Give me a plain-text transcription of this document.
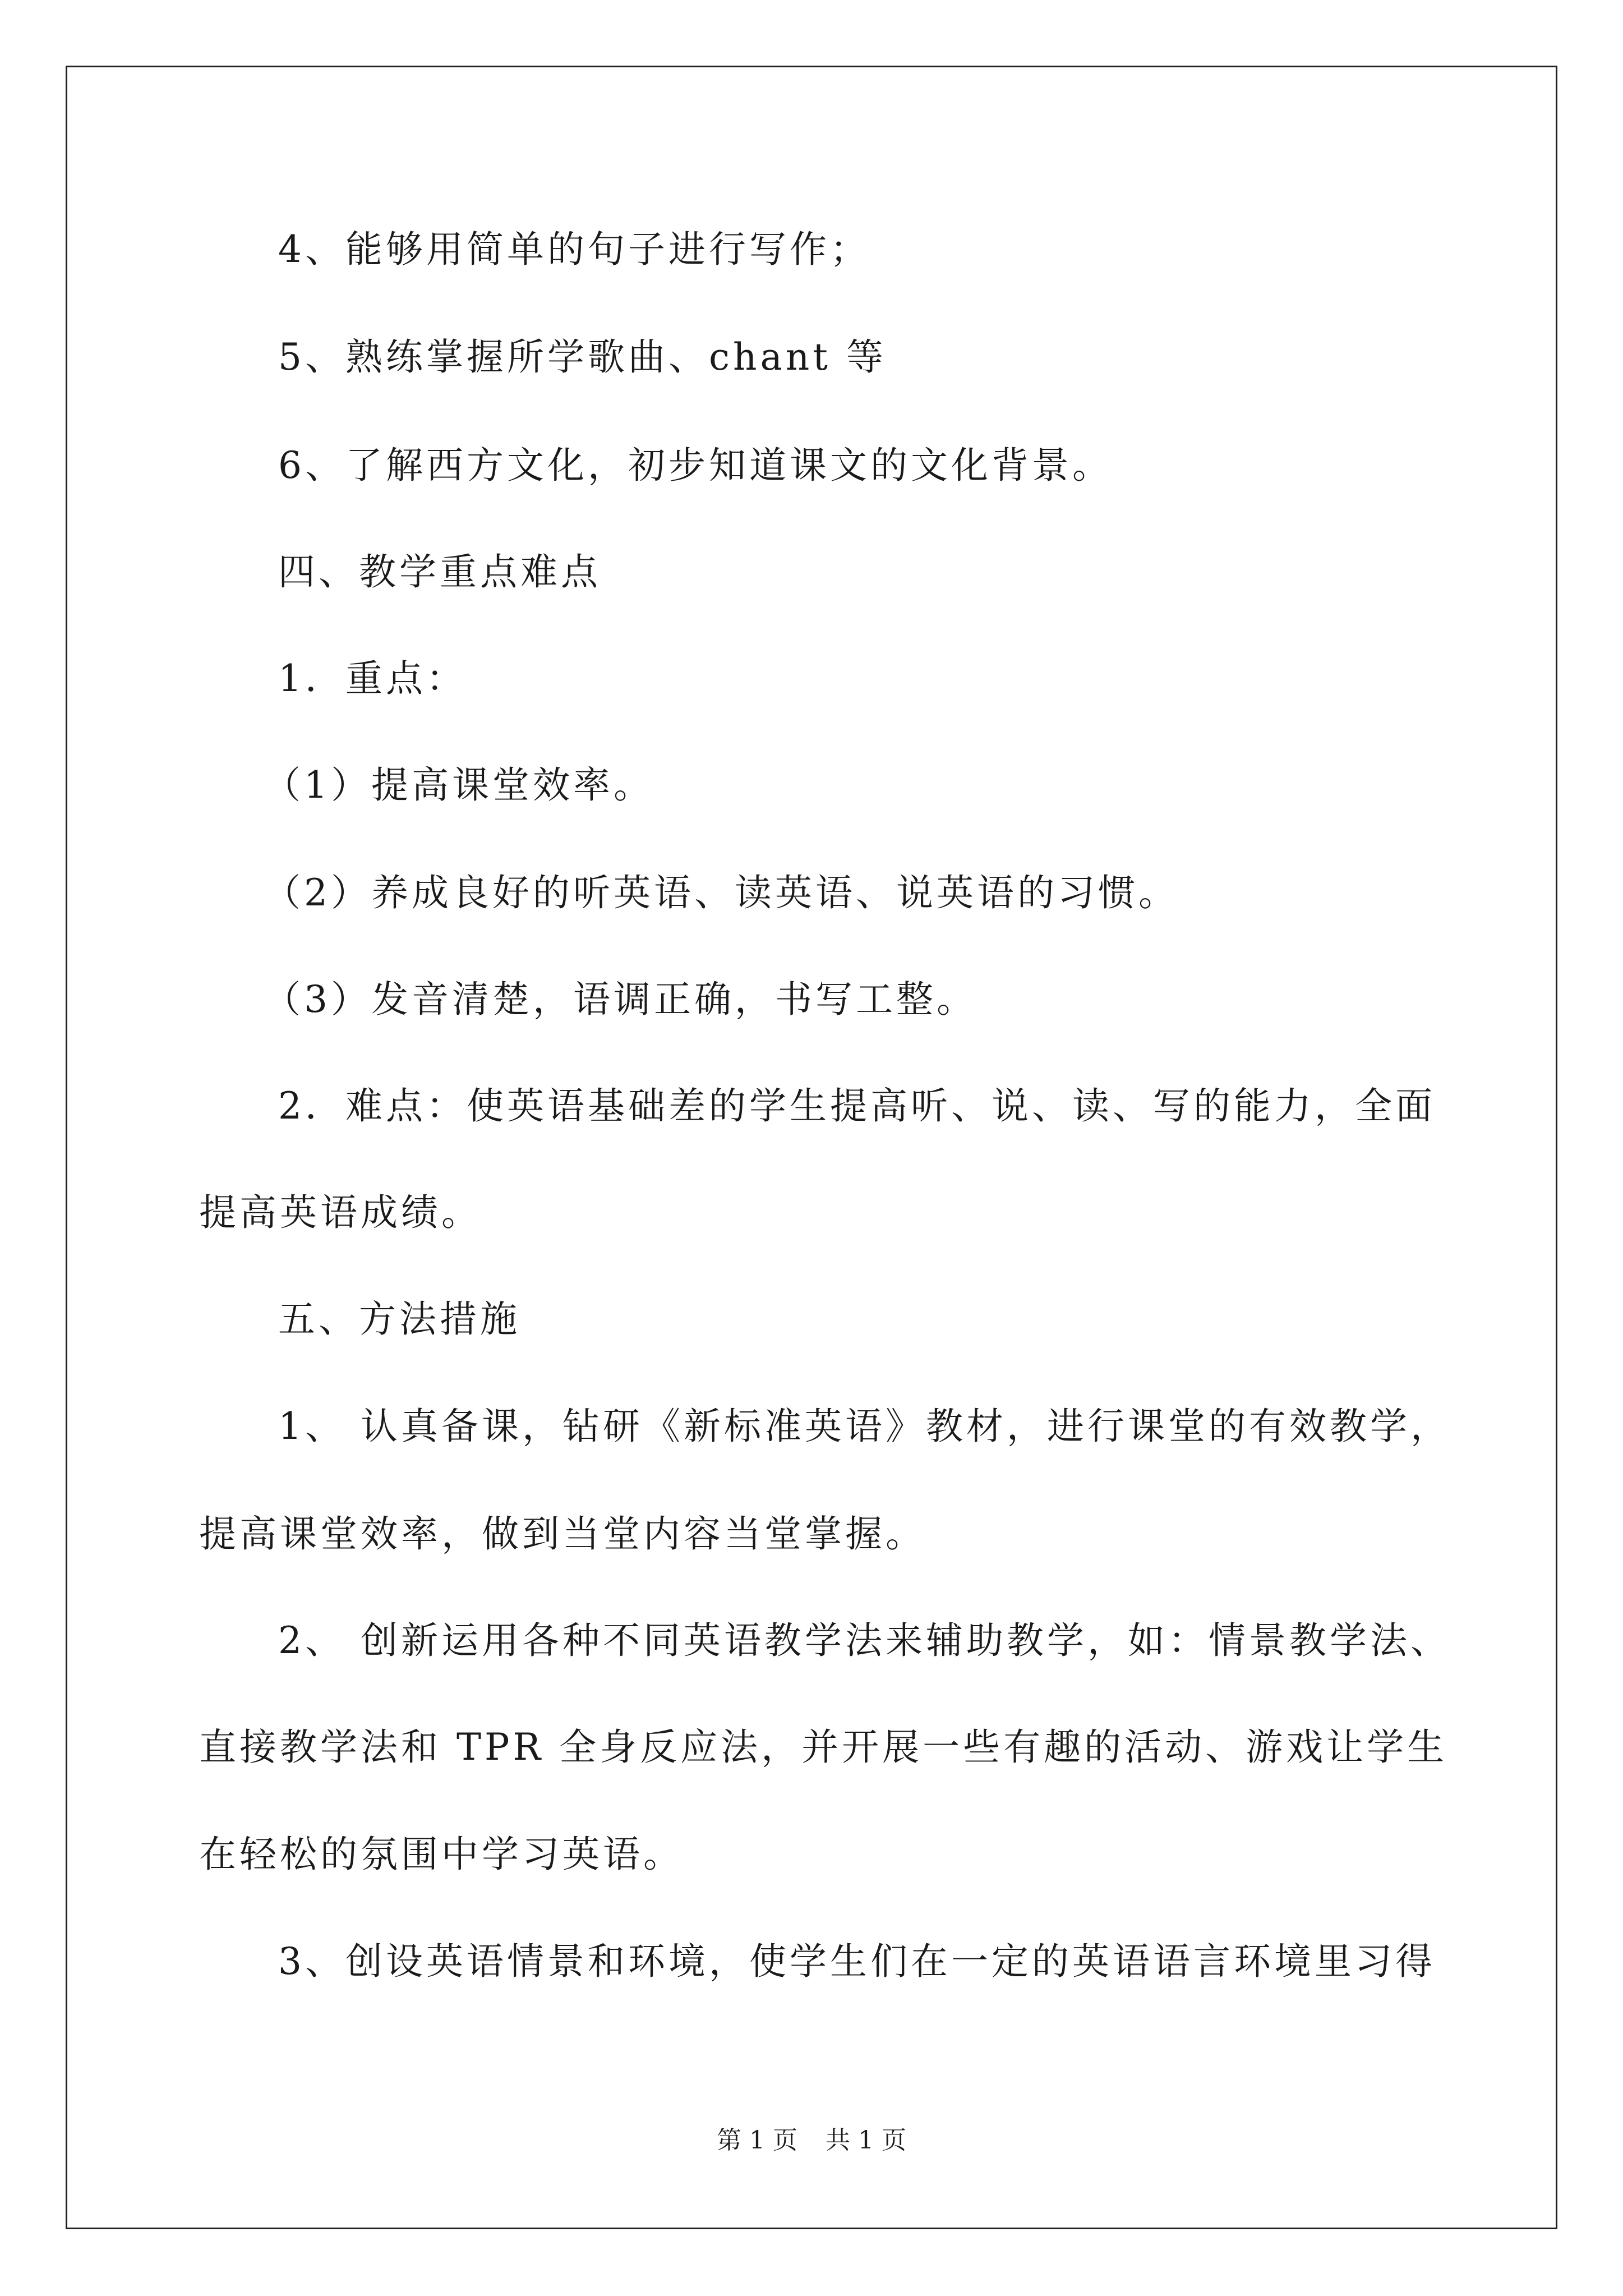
4、能够用简单的句子进行写作；
5、熟练掌握所学歌曲、chant 等
6、了解西方文化，初步知道课文的文化背景。
四、教学重点难点
1．重点：
（1）提高课堂效率。
（2）养成良好的听英语、读英语、说英语的习惯。
（3）发音清楚，语调正确，书写工整。
2．难点：使英语基础差的学生提高听、说、读、写的能力，全面
提高英语成绩。
五、方法措施
1、 认真备课，钻研《新标准英语》教材，进行课堂的有效教学，
提高课堂效率，做到当堂内容当堂掌握。
2、 创新运用各种不同英语教学法来辅助教学，如：情景教学法、
直接教学法和 TPR 全身反应法，并开展一些有趣的活动、游戏让学生
在轻松的氛围中学习英语。
3、创设英语情景和环境，使学生们在一定的英语语言环境里习得
第 1 页 共 1 页
